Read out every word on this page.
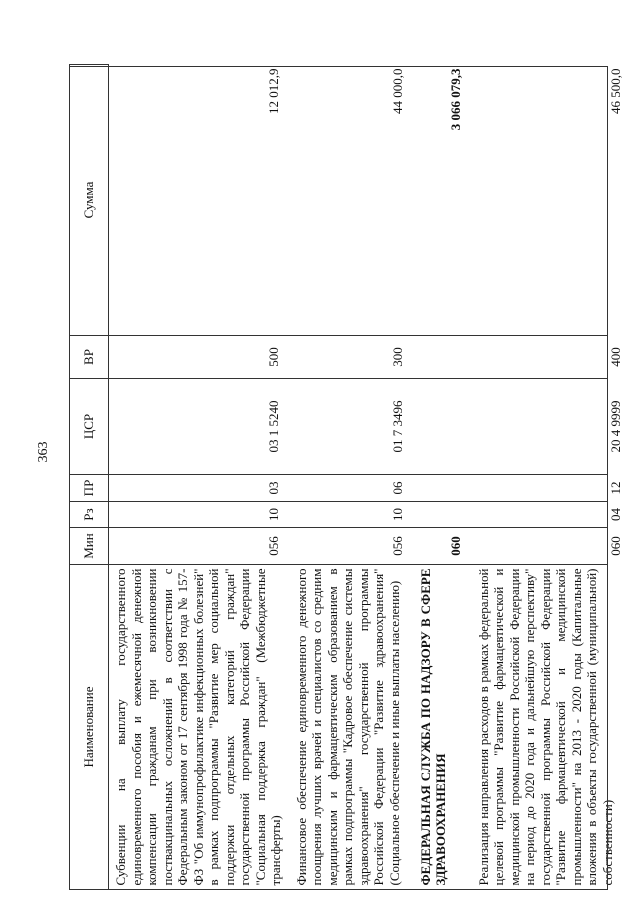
363
Наименование	Мин	Рз	ПР	ЦСР	ВР	Сумма
Субвенции на выплату государственного единовременного пособия и ежемесячной денежной компенсации гражданам при возникновении поствакцинальных осложнений в соответствии с Федеральным законом от 17 сентября 1998 года № 157-ФЗ "Об иммунопрофилактике инфекционных болезней" в рамках подпрограммы "Развитие мер социальной поддержки отдельных категорий граждан" государственной программы Российской Федерации "Социальная поддержка граждан" (Межбюджетные трансферты)	056	10	03	03 1 5240	500	12 012,9
Финансовое обеспечение единовременного денежного поощрения лучших врачей и специалистов со средним медицинским и фармацевтическим образованием в рамках подпрограммы "Кадровое обеспечение системы здравоохранения" государственной программы Российской Федерации "Развитие здравоохранения" (Социальное обеспечение и иные выплаты населению)	056	10	06	01 7 3496	300	44 000,0
ФЕДЕРАЛЬНАЯ СЛУЖБА ПО НАДЗОРУ В СФЕРЕ ЗДРАВООХРАНЕНИЯ	060					3 066 079,3
Реализация направления расходов в рамках федеральной целевой программы "Развитие фармацевтической и медицинской промышленности Российской Федерации на период до 2020 года и дальнейшую перспективу" государственной программы Российской Федерации "Развитие фармацевтической и медицинской промышленности" на 2013 - 2020 годы (Капитальные вложения в объекты государственной (муниципальной) собственности)	060	04	12	20 4 9999	400	46 500,0
